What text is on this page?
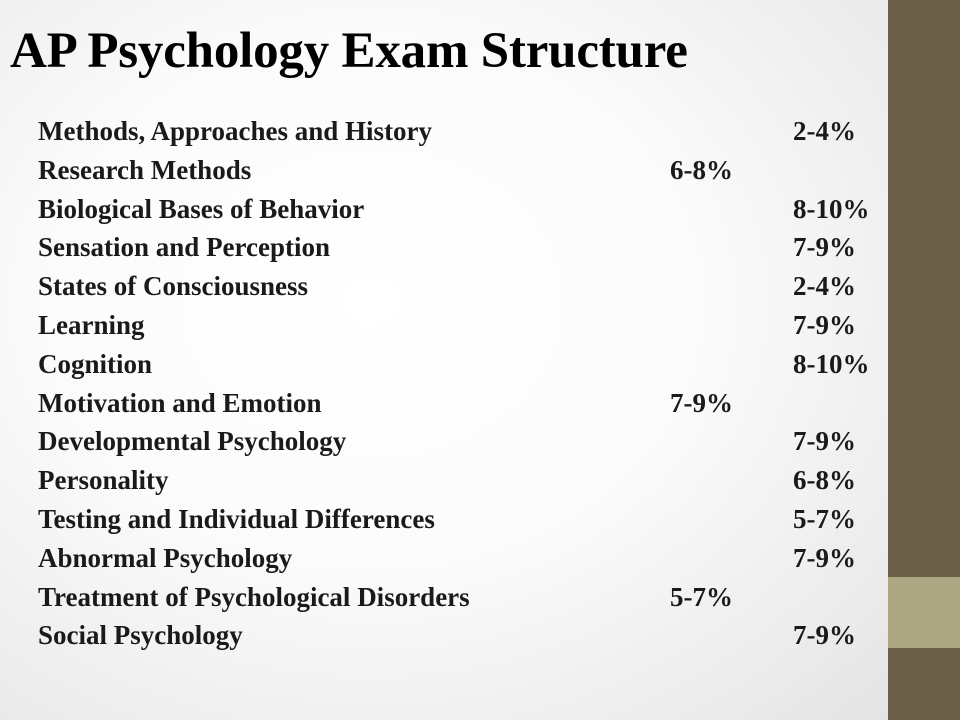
AP Psychology Exam Structure
Methods, Approaches and History	2-4%
Research Methods	6-8%
Biological Bases of Behavior	8-10%
Sensation and Perception	7-9%
States of Consciousness	2-4%
Learning	7-9%
Cognition	8-10%
Motivation and Emotion	7-9%
Developmental Psychology	7-9%
Personality	6-8%
Testing and Individual Differences	5-7%
Abnormal Psychology	7-9%
Treatment of Psychological Disorders	5-7%
Social Psychology	7-9%
